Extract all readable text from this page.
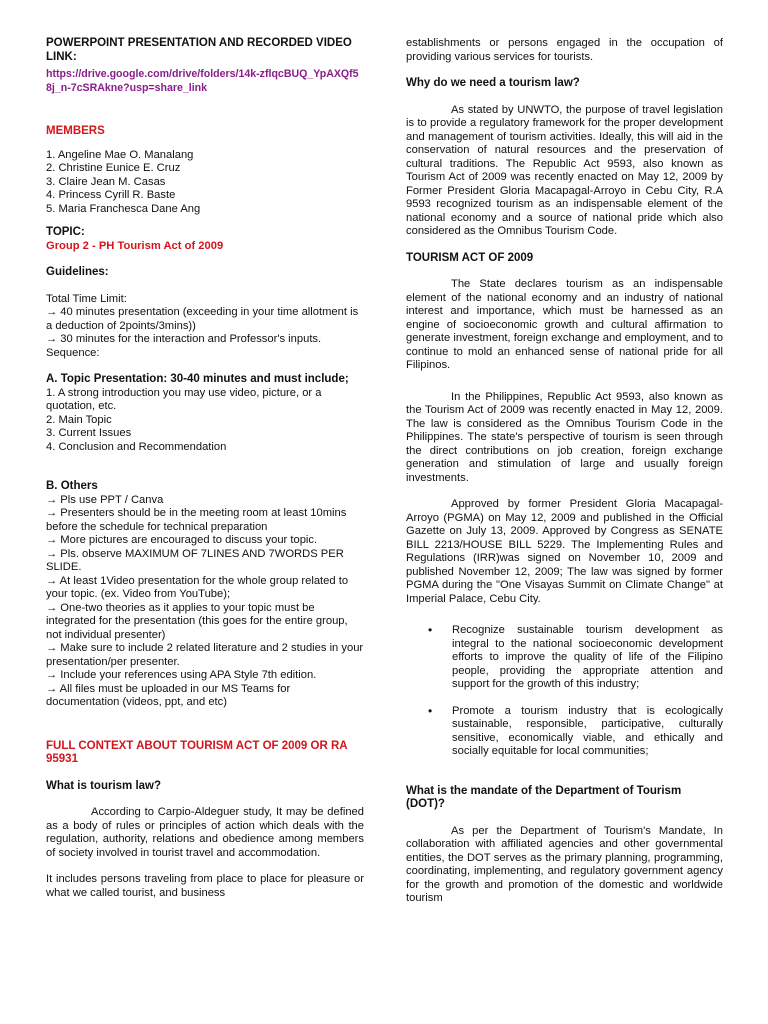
POWERPOINT PRESENTATION AND RECORDED VIDEO LINK:
https://drive.google.com/drive/folders/14k-zflqcBUQ_YpAXQf58j_n-7cSRAkne?usp=share_link
MEMBERS
1. Angeline Mae O. Manalang
2. Christine Eunice E. Cruz
3. Claire Jean M. Casas
4. Princess Cyrill R. Baste
5. Maria Franchesca Dane Ang
TOPIC:
Group 2 - PH Tourism Act of 2009
Guidelines:
Total Time Limit:
→ 40 minutes presentation (exceeding in your time allotment is a deduction of 2points/3mins))
→ 30 minutes for the interaction and Professor's inputs.
Sequence:
A. Topic Presentation: 30-40 minutes and must include;
1. A strong introduction you may use video, picture, or a quotation, etc.
2. Main Topic
3. Current Issues
4. Conclusion and Recommendation
B. Others
→ Pls use PPT / Canva
→ Presenters should be in the meeting room at least 10mins before the schedule for technical preparation
→ More pictures are encouraged to discuss your topic.
→ Pls. observe MAXIMUM OF 7LINES AND 7WORDS PER SLIDE.
→ At least 1Video presentation for the whole group related to your topic. (ex. Video from YouTube);
→ One-two theories as it applies to your topic must be integrated for the presentation (this goes for the entire group, not individual presenter)
→ Make sure to include 2 related literature and 2 studies in your presentation/per presenter.
→ Include your references using APA Style 7th edition.
→ All files must be uploaded in our MS Teams for documentation (videos, ppt, and etc)
FULL CONTEXT ABOUT TOURISM ACT OF 2009 OR RA 95931
What is tourism law?

According to Carpio-Aldeguer study, It may be defined as a body of rules or principles of action which deals with the regulation, authority, relations and obedience among members of society involved in tourist travel and accommodation.

It includes persons traveling from place to place for pleasure or what we called tourist, and business

establishments or persons engaged in the occupation of providing various services for tourists.

Why do we need a tourism law?

As stated by UNWTO, the purpose of travel legislation is to provide a regulatory framework for the proper development and management of tourism activities. Ideally, this will aid in the conservation of natural resources and the preservation of cultural traditions. The Republic Act 9593, also known as Tourism Act of 2009 was recently enacted on May 12, 2009 by Former President Gloria Macapagal-Arroyo in Cebu City, R.A 9593 recognized tourism as an indispensable element of the national economy and a source of national pride which also considered as the Omnibus Tourism Code.

TOURISM ACT OF 2009

The State declares tourism as an indispensable element of the national economy and an industry of national interest and importance, which must be harnessed as an engine of socioeconomic growth and cultural affirmation to generate investment, foreign exchange and employment, and to continue to mold an enhanced sense of national pride for all Filipinos.

In the Philippines, Republic Act 9593, also known as the Tourism Act of 2009 was recently enacted in May 12, 2009. The law is considered as the Omnibus Tourism Code in the Philippines. The state's perspective of tourism is seen through the direct contributions on job creation, foreign exchange generation and stimulation of large and usually foreign investments.

Approved by former President Gloria Macapagal-Arroyo (PGMA) on May 12, 2009 and published in the Official Gazette on July 13, 2009. Approved by Congress as SENATE BILL 2213/HOUSE BILL 5229. The Implementing Rules and Regulations (IRR)was signed on November 10, 2009 and published November 12, 2009; The law was signed by former PGMA during the "One Visayas Summit on Climate Change" at Imperial Palace, Cebu City.

• Recognize sustainable tourism development as integral to the national socioeconomic development efforts to improve the quality of life of the Filipino people, providing the appropriate attention and support for the growth of this industry;
• Promote a tourism industry that is ecologically sustainable, responsible, participative, culturally sensitive, economically viable, and ethically and socially equitable for local communities;
What is the mandate of the Department of Tourism (DOT)?

As per the Department of Tourism's Mandate, In collaboration with affiliated agencies and other governmental entities, the DOT serves as the primary planning, programming, coordinating, implementing, and regulatory government agency for the growth and promotion of the domestic and worldwide tourism
